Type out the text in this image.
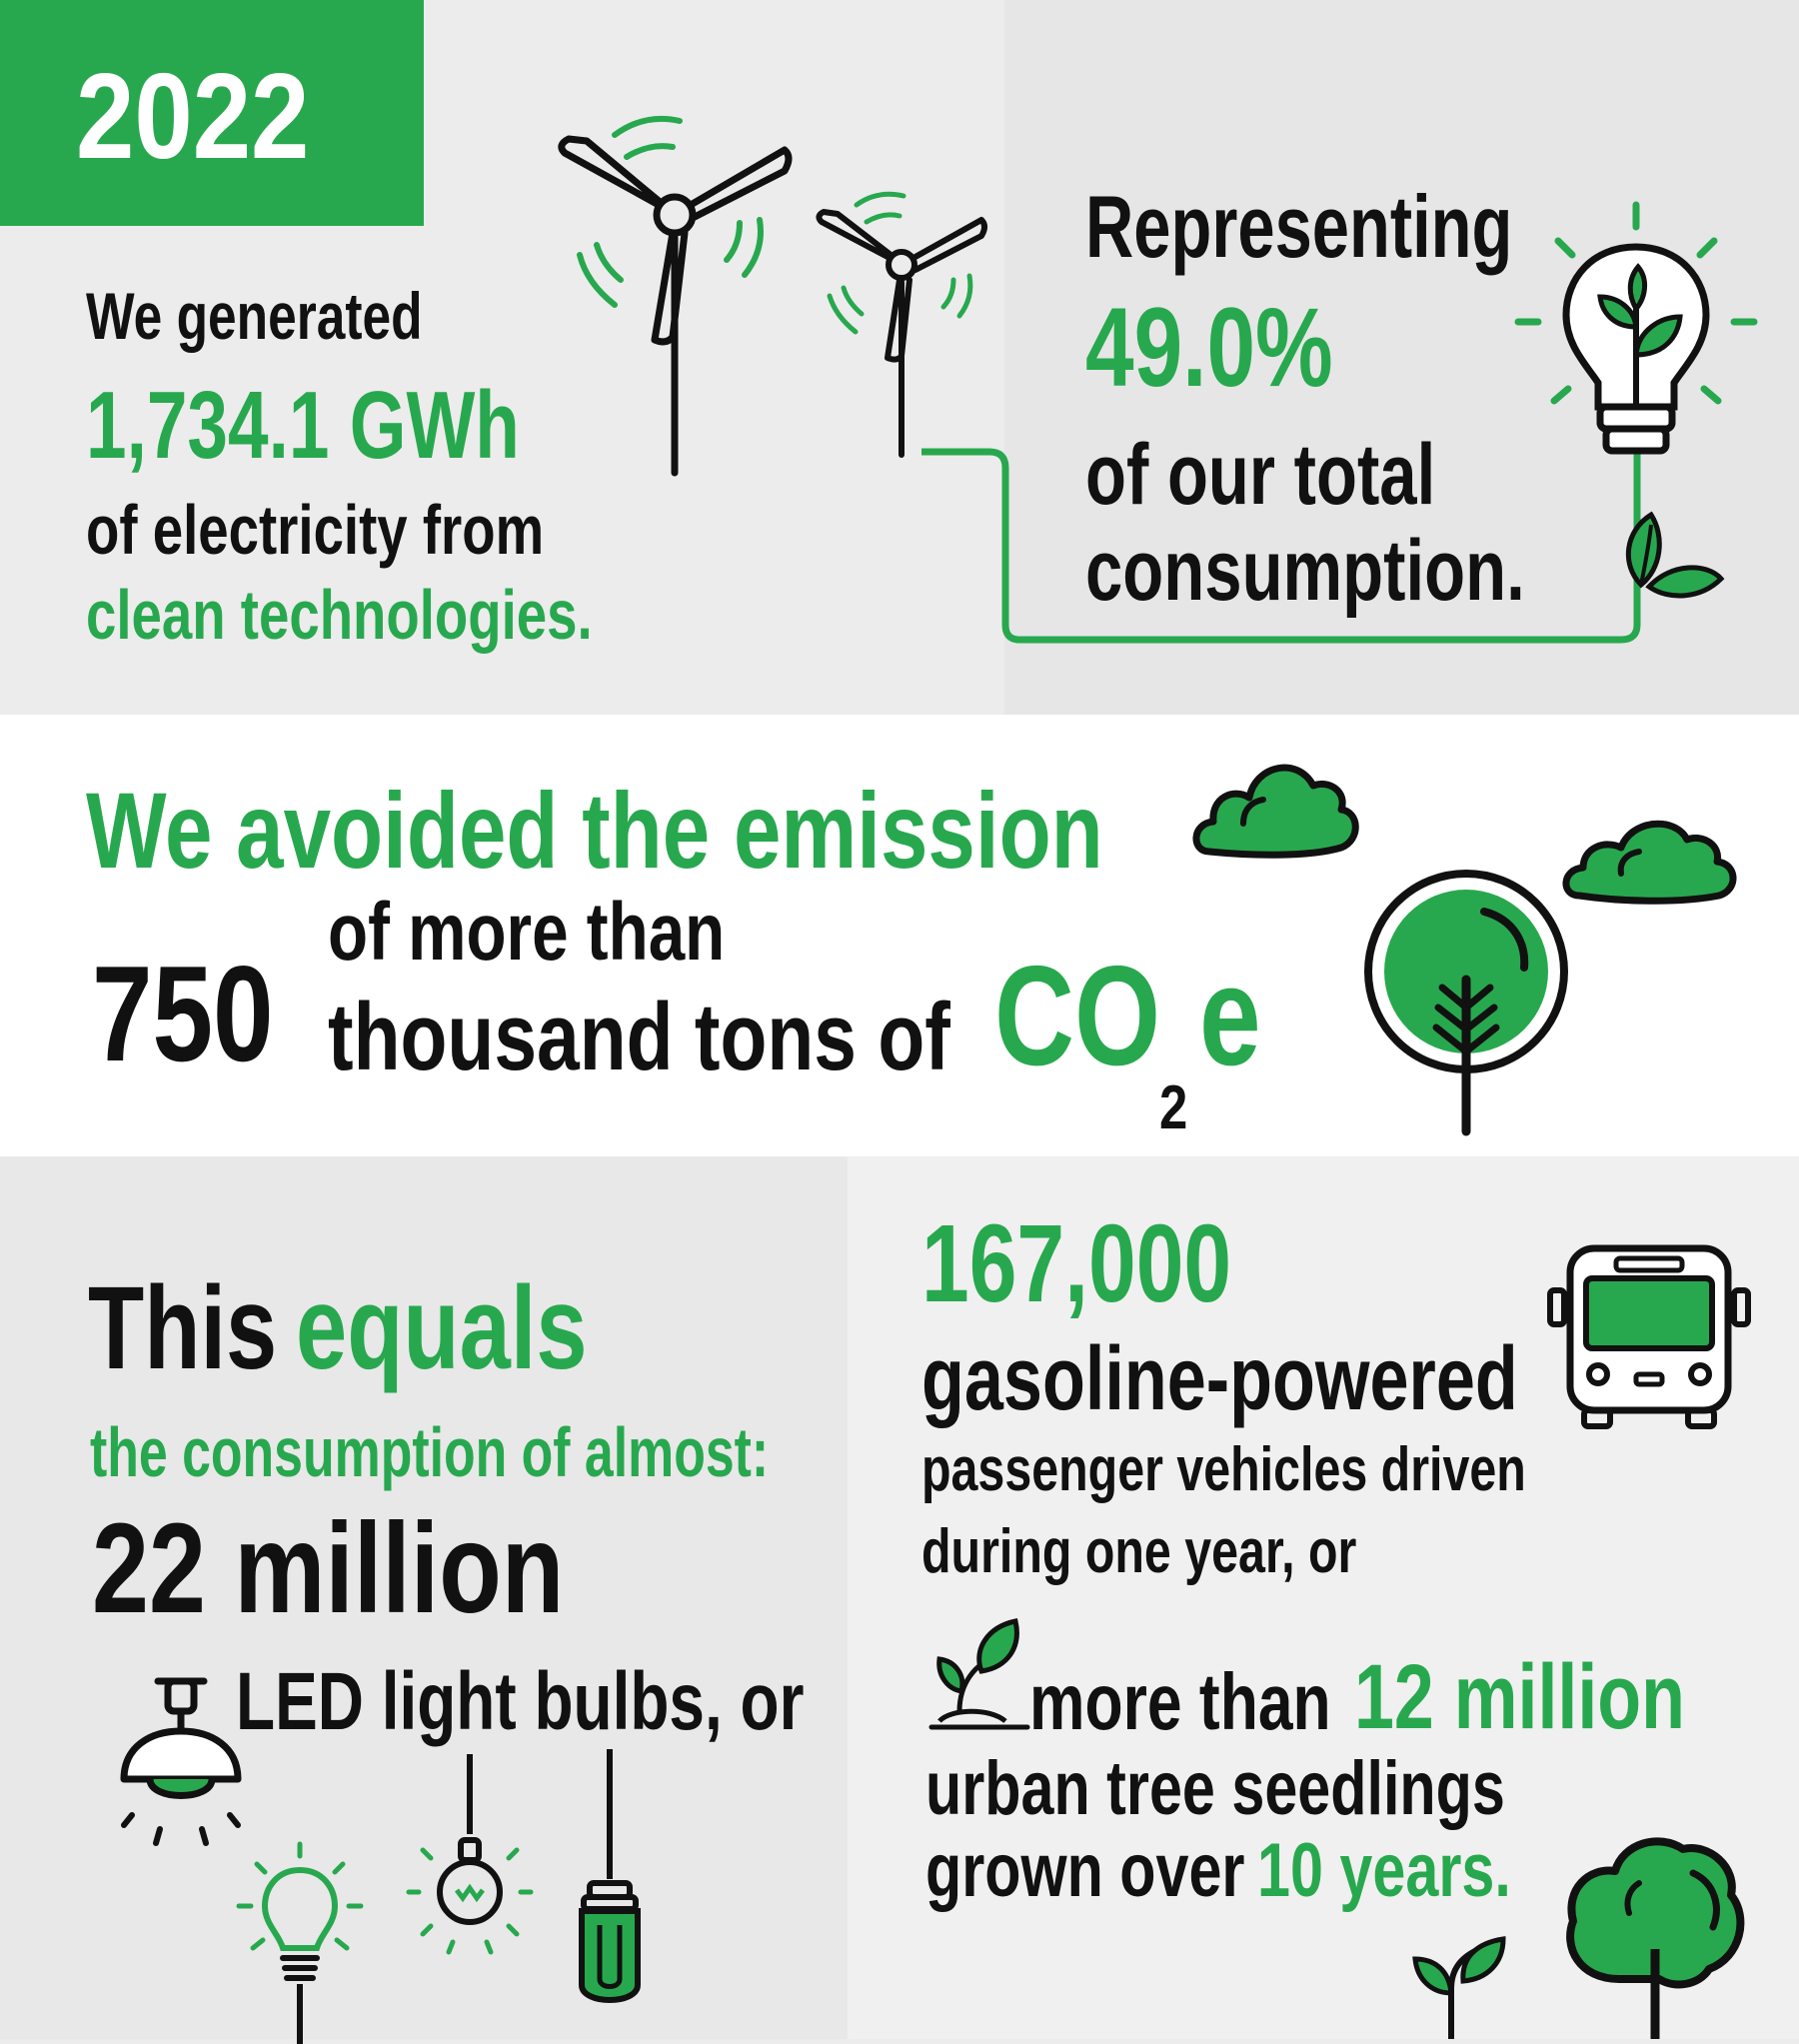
2022
We generated
1,734.1 GWh
of electricity from
clean technologies.
Representing
49.0%
of our total
consumption.
We avoided the emission
750
of more than
thousand tons of CO
2
e
This equals
the consumption of almost:
22 million
LED light bulbs, or
167,000
gasoline-powered
passenger vehicles driven
during one year, or
more than 12 million
urban tree seedlings
grown over 10 years.
